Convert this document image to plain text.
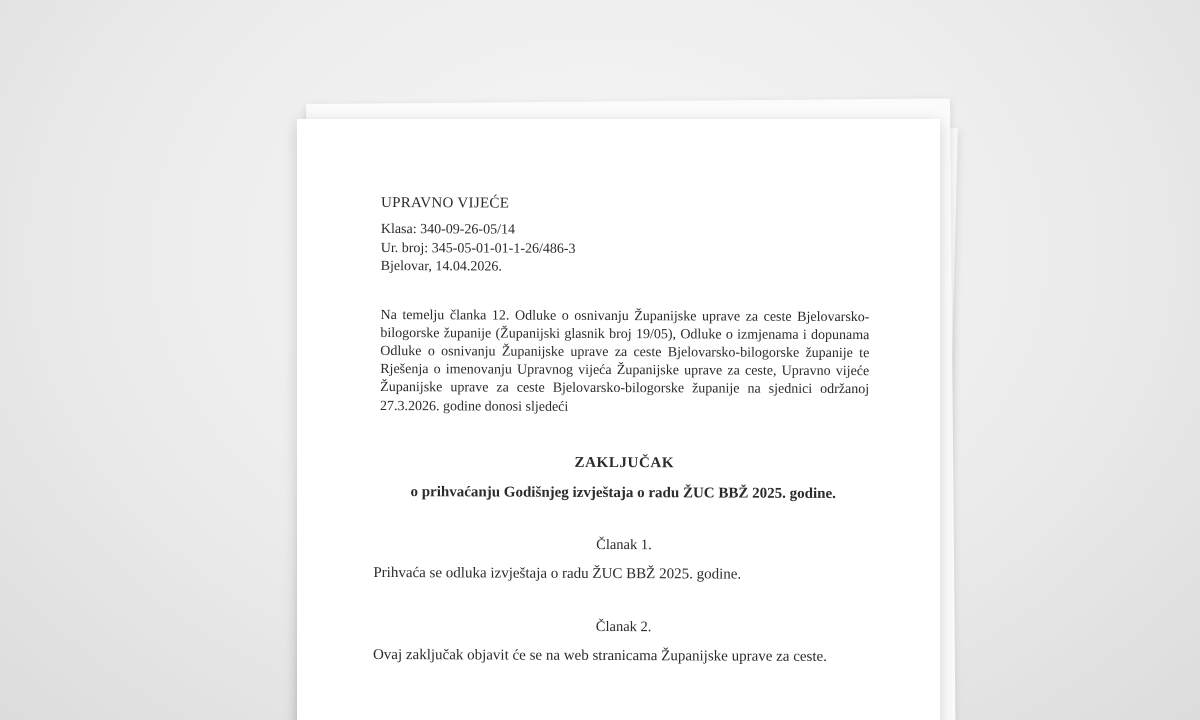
UPRAVNO VIJEĆE
Klasa: 340-09-26-05/14
Ur. broj: 345-05-01-01-1-26/486-3
Bjelovar, 14.04.2026.
Na temelju članka 12. Odluke o osnivanju Županijske uprave za ceste Bjelovarsko-bilogorske županije (Županijski glasnik broj 19/05), Odluke o izmjenama i dopunama Odluke o osnivanju Županijske uprave za ceste Bjelovarsko-bilogorske županije te Rješenja o imenovanju Upravnog vijeća Županijske uprave za ceste, Upravno vijeće Županijske uprave za ceste Bjelovarsko-bilogorske županije na sjednici održanoj 27.3.2026. godine donosi sljedeći
ZAKLJUČAK
o prihvaćanju Godišnjeg izvještaja o radu ŽUC BBŽ 2025. godine.
Članak 1.
Prihvaća se odluka izvještaja o radu ŽUC BBŽ 2025. godine.
Članak 2.
Ovaj zaključak objavit će se na web stranicama Županijske uprave za ceste.
